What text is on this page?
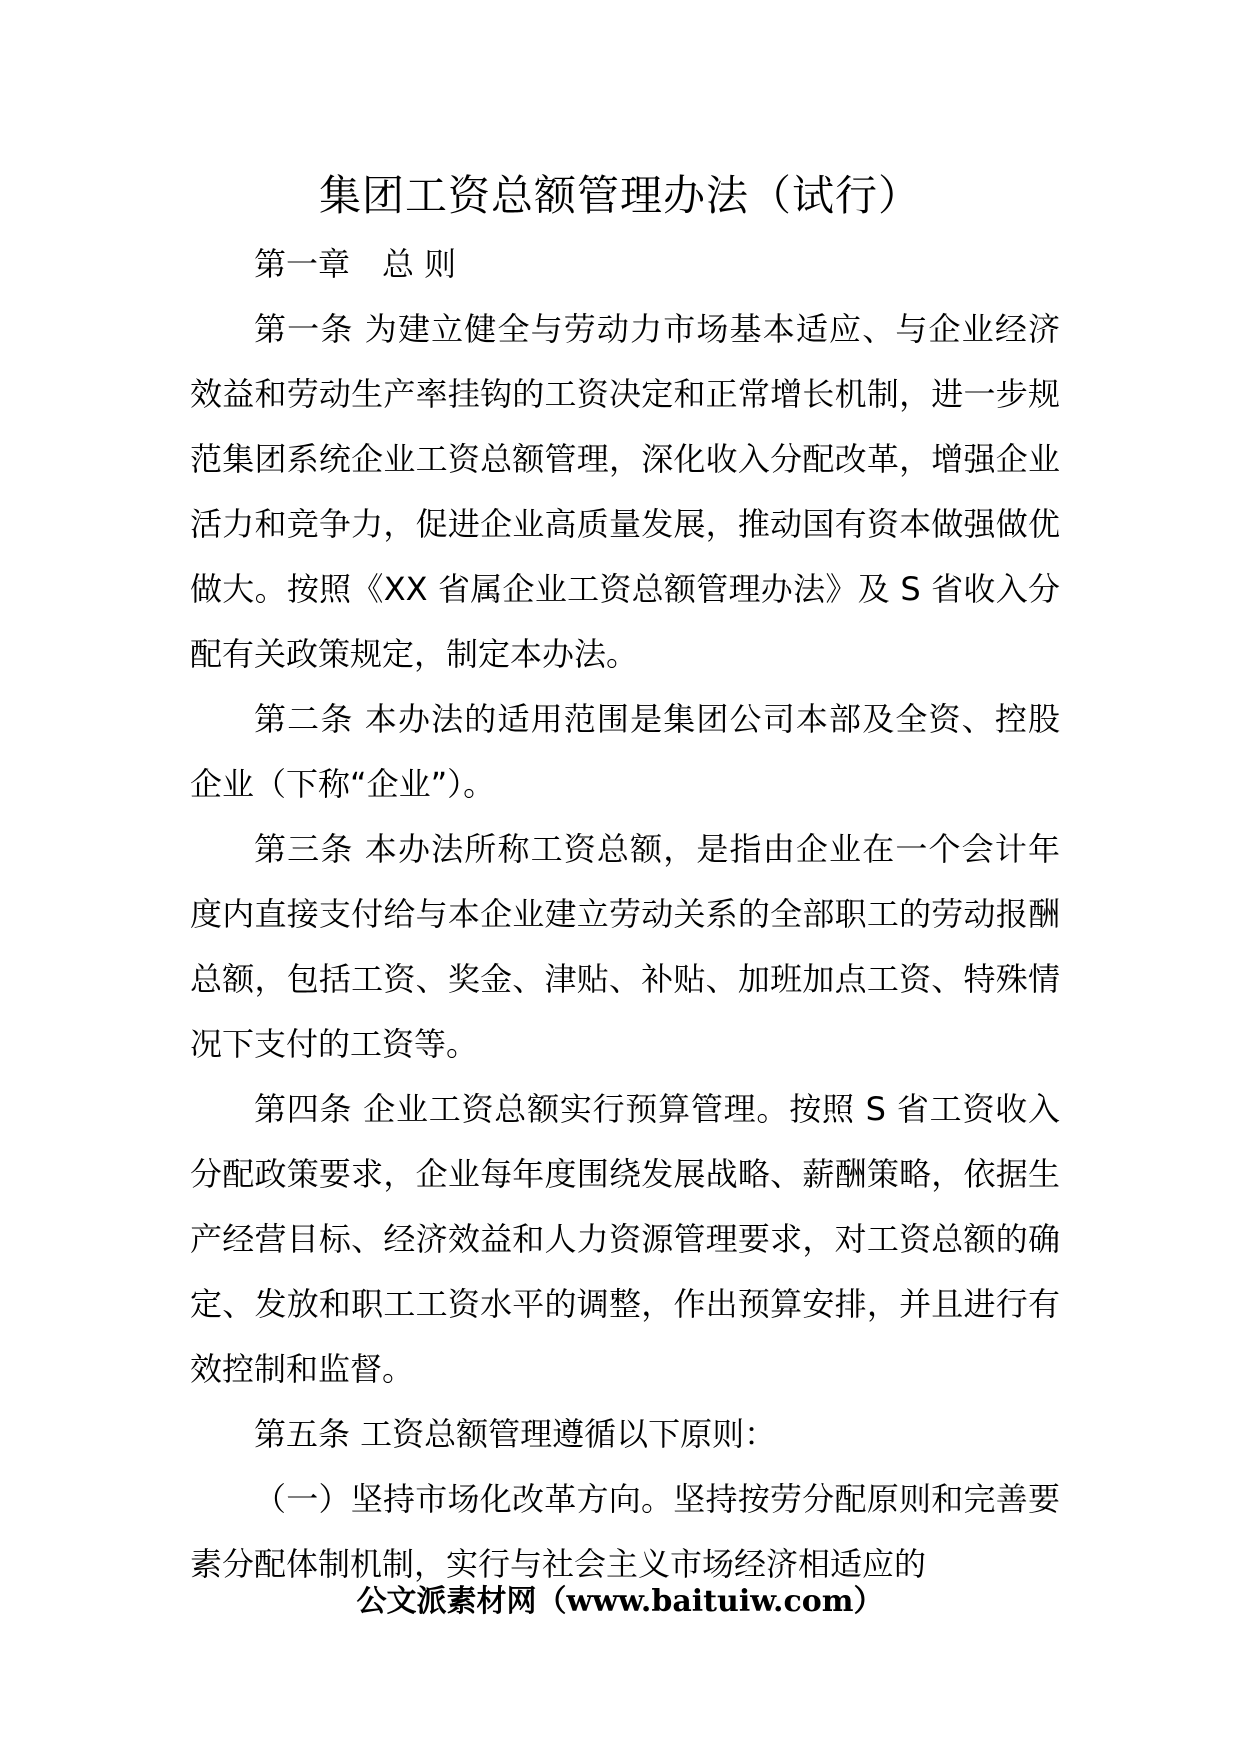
集团工资总额管理办法（试行）

第一章　总 则

第一条 为建立健全与劳动力市场基本适应、与企业经济效益和劳动生产率挂钩的工资决定和正常增长机制，进一步规范集团系统企业工资总额管理，深化收入分配改革，增强企业活力和竞争力，促进企业高质量发展，推动国有资本做强做优做大。按照《XX 省属企业工资总额管理办法》及 S 省收入分配有关政策规定，制定本办法。

第二条 本办法的适用范围是集团公司本部及全资、控股企业（下称“企业”）。

第三条 本办法所称工资总额，是指由企业在一个会计年度内直接支付给与本企业建立劳动关系的全部职工的劳动报酬总额，包括工资、奖金、津贴、补贴、加班加点工资、特殊情况下支付的工资等。

第四条 企业工资总额实行预算管理。按照 S 省工资收入分配政策要求，企业每年度围绕发展战略、薪酬策略，依据生产经营目标、经济效益和人力资源管理要求，对工资总额的确定、发放和职工工资水平的调整，作出预算安排，并且进行有效控制和监督。

第五条 工资总额管理遵循以下原则：

（一）坚持市场化改革方向。坚持按劳分配原则和完善要素分配体制机制，实行与社会主义市场经济相适应的

公文派素材网（www.baituiw.com）
